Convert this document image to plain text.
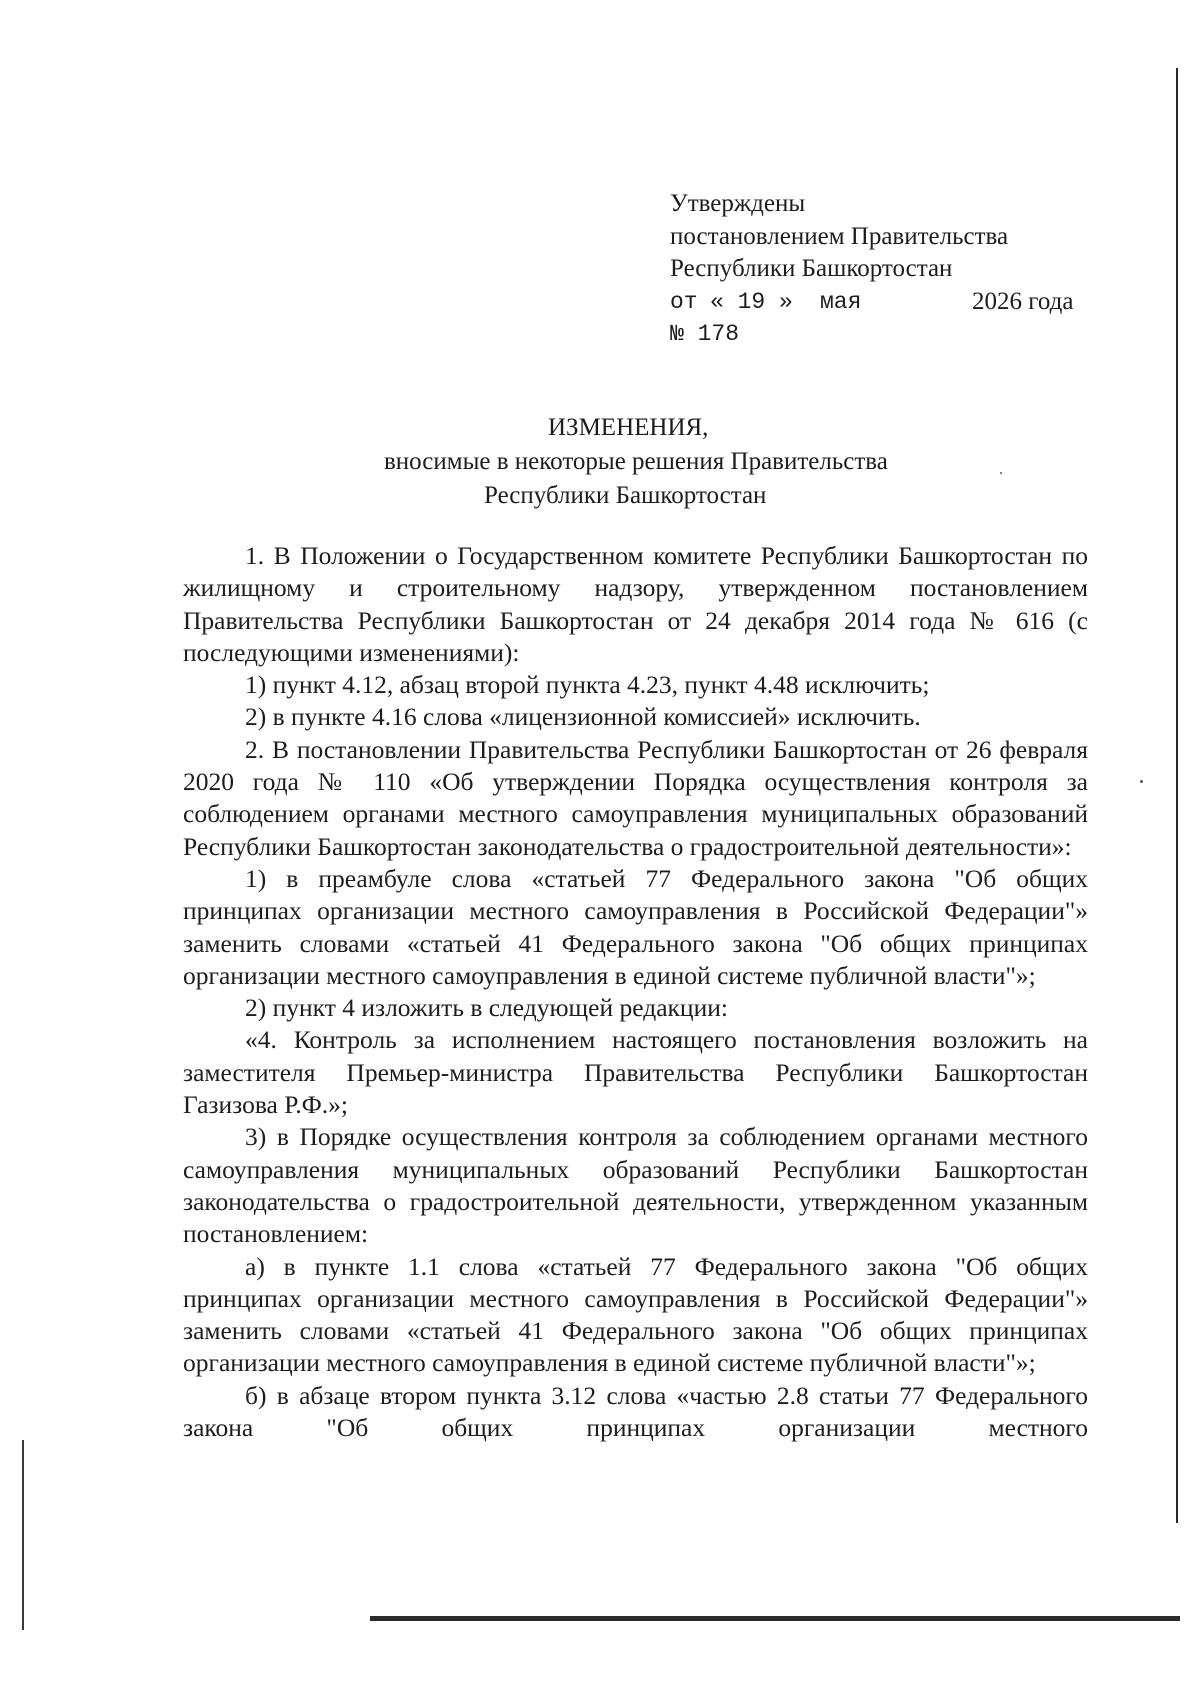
Утверждены
постановлением Правительства
Республики Башкортостан
от « 19 » мая	2026 года
№ 178
ИЗМЕНЕНИЯ,
вносимые в некоторые решения Правительства
Республики Башкортостан

1. В Положении о Государственном комитете Республики Башкортостан по жилищному и строительному надзору, утвержденном постановлением Правительства Республики Башкортостан от 24 декабря 2014 года № 616 (с последующими изменениями):

1) пункт 4.12, абзац второй пункта 4.23, пункт 4.48 исключить;

2) в пункте 4.16 слова «лицензионной комиссией» исключить.

2. В постановлении Правительства Республики Башкортостан от 26 февраля 2020 года № 110 «Об утверждении Порядка осуществления контроля за соблюдением органами местного самоуправления муниципальных образований Республики Башкортостан законодательства о градостроительной деятельности»:

1) в преамбуле слова «статьей 77 Федерального закона "Об общих принципах организации местного самоуправления в Российской Федерации"» заменить словами «статьей 41 Федерального закона "Об общих принципах организации местного самоуправления в единой системе публичной власти"»;

2) пункт 4 изложить в следующей редакции:

«4. Контроль за исполнением настоящего постановления возложить на заместителя Премьер-министра Правительства Республики Башкортостан Газизова Р.Ф.»;

3) в Порядке осуществления контроля за соблюдением органами местного самоуправления муниципальных образований Республики Башкортостан законодательства о градостроительной деятельности, утвержденном указанным постановлением:

а) в пункте 1.1 слова «статьей 77 Федерального закона "Об общих принципах организации местного самоуправления в Российской Федерации"» заменить словами «статьей 41 Федерального закона "Об общих принципах организации местного самоуправления в единой системе публичной власти"»;

б) в абзаце втором пункта 3.12 слова «частью 2.8 статьи 77 Федерального закона "Об общих принципах организации местного
